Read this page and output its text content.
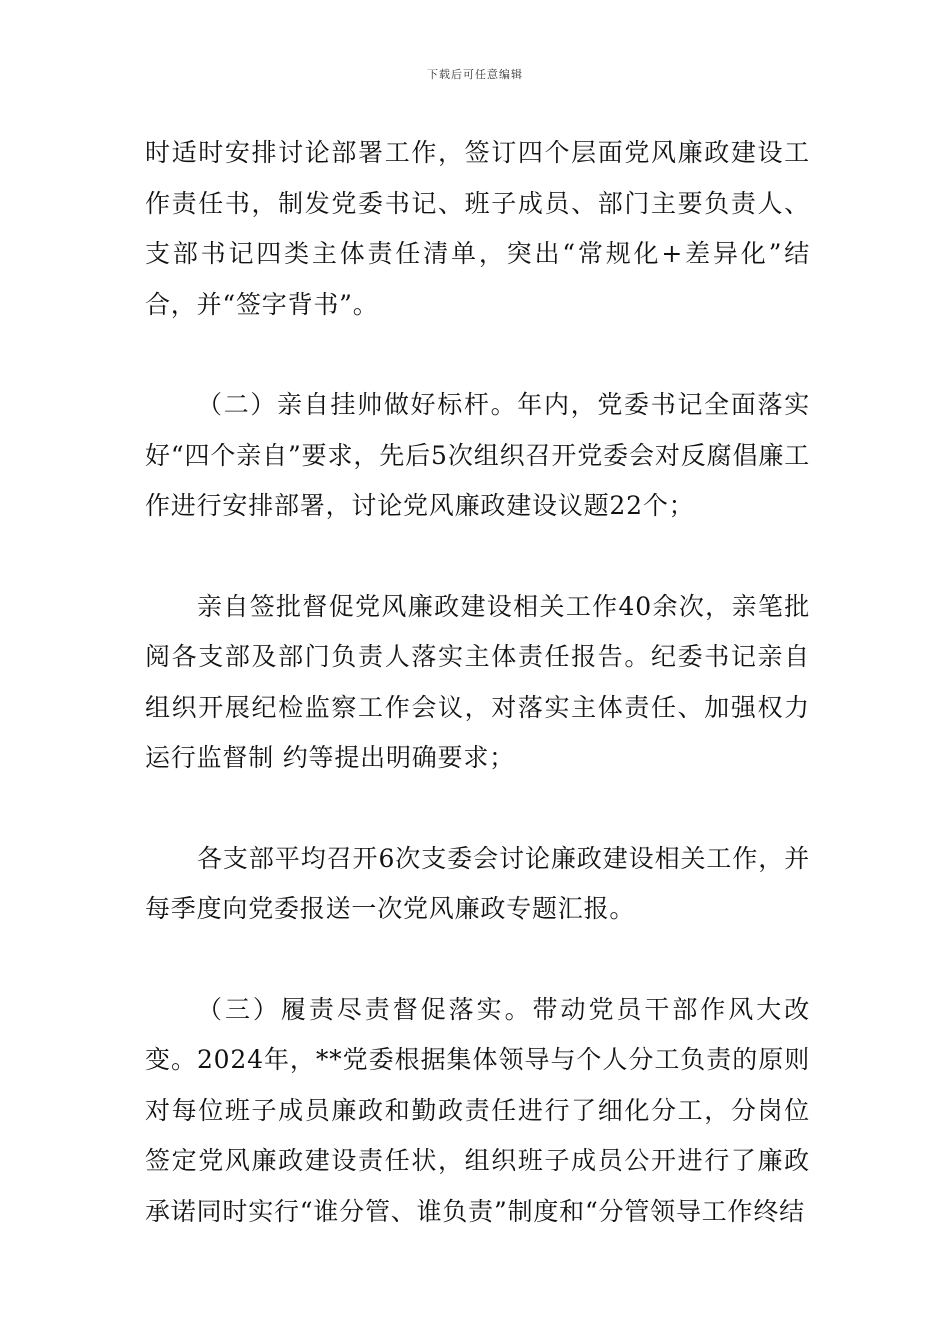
下载后可任意编辑

时适时安排讨论部署工作，签订四个层面党风廉政建设工作责任书，制发党委书记、班子成员、部门主要负责人、支部书记四类主体责任清单，突出“常规化+差异化”结合，并“签字背书”。

（二）亲自挂帅做好标杆。年内，党委书记全面落实好“四个亲自”要求，先后5次组织召开党委会对反腐倡廉工作进行安排部署，讨论党风廉政建设议题22个；

亲自签批督促党风廉政建设相关工作40余次，亲笔批阅各支部及部门负责人落实主体责任报告。纪委书记亲自组织开展纪检监察工作会议，对落实主体责任、加强权力运行监督制 约等提出明确要求；

各支部平均召开6次支委会讨论廉政建设相关工作，并每季度向党委报送一次党风廉政专题汇报。

（三）履责尽责督促落实。带动党员干部作风大改变。2024年，**党委根据集体领导与个人分工负责的原则对每位班子成员廉政和勤政责任进行了细化分工，分岗位签定党风廉政建设责任状，组织班子成员公开进行了廉政承诺同时实行“谁分管、谁负责”制度和“分管领导工作终结
